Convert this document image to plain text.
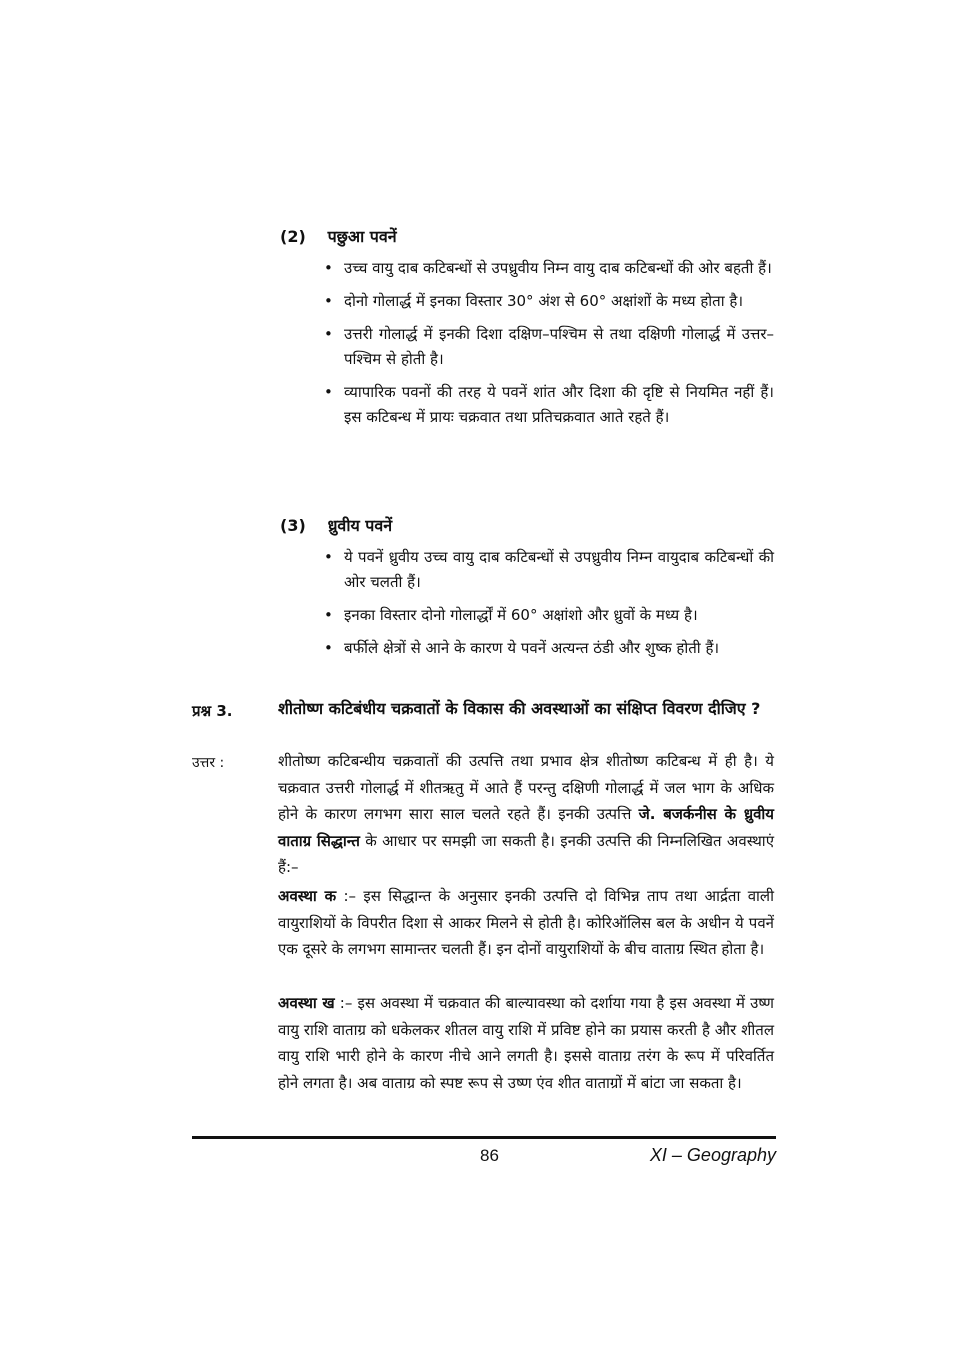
(2) पछुआ पवनें
• उच्च वायु दाब कटिबन्धों से उपध्रुवीय निम्न वायु दाब कटिबन्धों की ओर बहती हैं।
• दोनो गोलार्द्ध में इनका विस्तार 30° अंश से 60° अक्षांशों के मध्य होता है।
• उत्तरी गोलार्द्ध में इनकी दिशा दक्षिण–पश्चिम से तथा दक्षिणी गोलार्द्ध में उत्तर–पश्चिम से होती है।
• व्यापारिक पवनों की तरह ये पवनें शांत और दिशा की दृष्टि से नियमित नहीं हैं। इस कटिबन्ध में प्रायः चक्रवात तथा प्रतिचक्रवात आते रहते हैं।
(3) ध्रुवीय पवनें
• ये पवनें ध्रुवीय उच्च वायु दाब कटिबन्धों से उपध्रुवीय निम्न वायुदाब कटिबन्धों की ओर चलती हैं।
• इनका विस्तार दोनो गोलार्द्धों में 60° अक्षांशो और ध्रुवों के मध्य है।
• बर्फीले क्षेत्रों से आने के कारण ये पवनें अत्यन्त ठंडी और शुष्क होती हैं।
प्रश्न 3.	शीतोष्ण कटिबंधीय चक्रवातों के विकास की अवस्थाओं का संक्षिप्त विवरण दीजिए ?
उत्तर :	शीतोष्ण कटिबन्धीय चक्रवातों की उत्पत्ति तथा प्रभाव क्षेत्र शीतोष्ण कटिबन्ध में ही है। ये चक्रवात उत्तरी गोलार्द्ध में शीतऋतु में आते हैं परन्तु दक्षिणी गोलार्द्ध में जल भाग के अधिक होने के कारण लगभग सारा साल चलते रहते हैं। इनकी उत्पत्ति जे. बजर्कनीस के ध्रुवीय वाताग्र सिद्धान्त के आधार पर समझी जा सकती है। इनकी उत्पत्ति की निम्नलिखित अवस्थाएं हैं:–

अवस्था क :– इस सिद्धान्त के अनुसार इनकी उत्पत्ति दो विभिन्न ताप तथा आर्द्रता वाली वायुराशियों के विपरीत दिशा से आकर मिलने से होती है। कोरिऑलिस बल के अधीन ये पवनें एक दूसरे के लगभग सामान्तर चलती हैं। इन दोनों वायुराशियों के बीच वाताग्र स्थित होता है।

अवस्था ख :– इस अवस्था में चक्रवात की बाल्यावस्था को दर्शाया गया है इस अवस्था में उष्ण वायु राशि वाताग्र को धकेलकर शीतल वायु राशि में प्रविष्ट होने का प्रयास करती है और शीतल वायु राशि भारी होने के कारण नीचे आने लगती है। इससे वाताग्र तरंग के रूप में परिवर्तित होने लगता है। अब वाताग्र को स्पष्ट रूप से उष्ण एंव शीत वाताग्रों में बांटा जा सकता है।

86	XI – Geography
